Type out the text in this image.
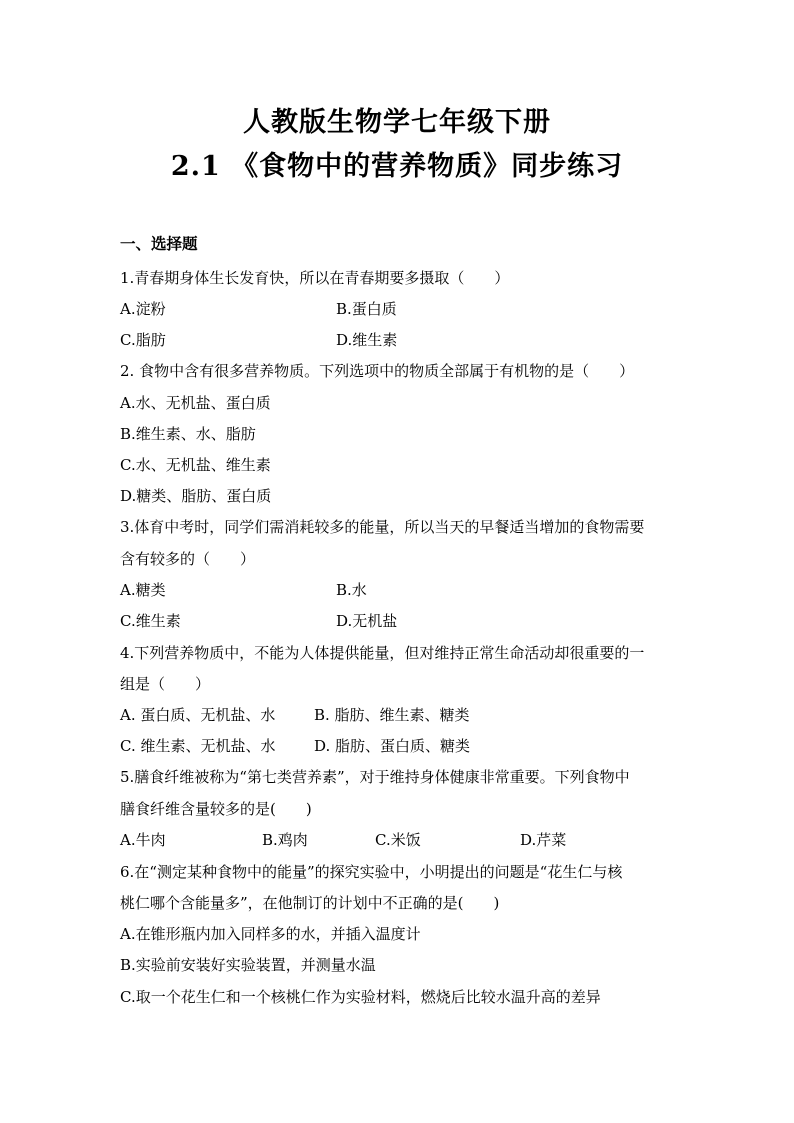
人教版生物学七年级下册
2.1 《食物中的营养物质》同步练习
一、选择题
1.青春期身体生长发育快，所以在青春期要多摄取（　　）
A.淀粉	B.蛋白质
C.脂肪	D.维生素
2. 食物中含有很多营养物质。下列选项中的物质全部属于有机物的是（　　）
A.水、无机盐、蛋白质
B.维生素、水、脂肪
C.水、无机盐、维生素
D.糖类、脂肪、蛋白质
3.体育中考时，同学们需消耗较多的能量，所以当天的早餐适当增加的食物需要
含有较多的（　　）
A.糖类	B.水
C.维生素	D.无机盐
4.下列营养物质中，不能为人体提供能量，但对维持正常生命活动却很重要的一
组是（　　）
A. 蛋白质、无机盐、水	B. 脂肪、维生素、糖类
C. 维生素、无机盐、水	D. 脂肪、蛋白质、糖类
5.膳食纤维被称为“第七类营养素”，对于维持身体健康非常重要。下列食物中
膳食纤维含量较多的是(　　)
A.牛肉	B.鸡肉	C.米饭	D.芹菜
6.在“测定某种食物中的能量”的探究实验中，小明提出的问题是“花生仁与核
桃仁哪个含能量多”，在他制订的计划中不正确的是(　　)
A.在锥形瓶内加入同样多的水，并插入温度计
B.实验前安装好实验装置，并测量水温
C.取一个花生仁和一个核桃仁作为实验材料，燃烧后比较水温升高的差异
